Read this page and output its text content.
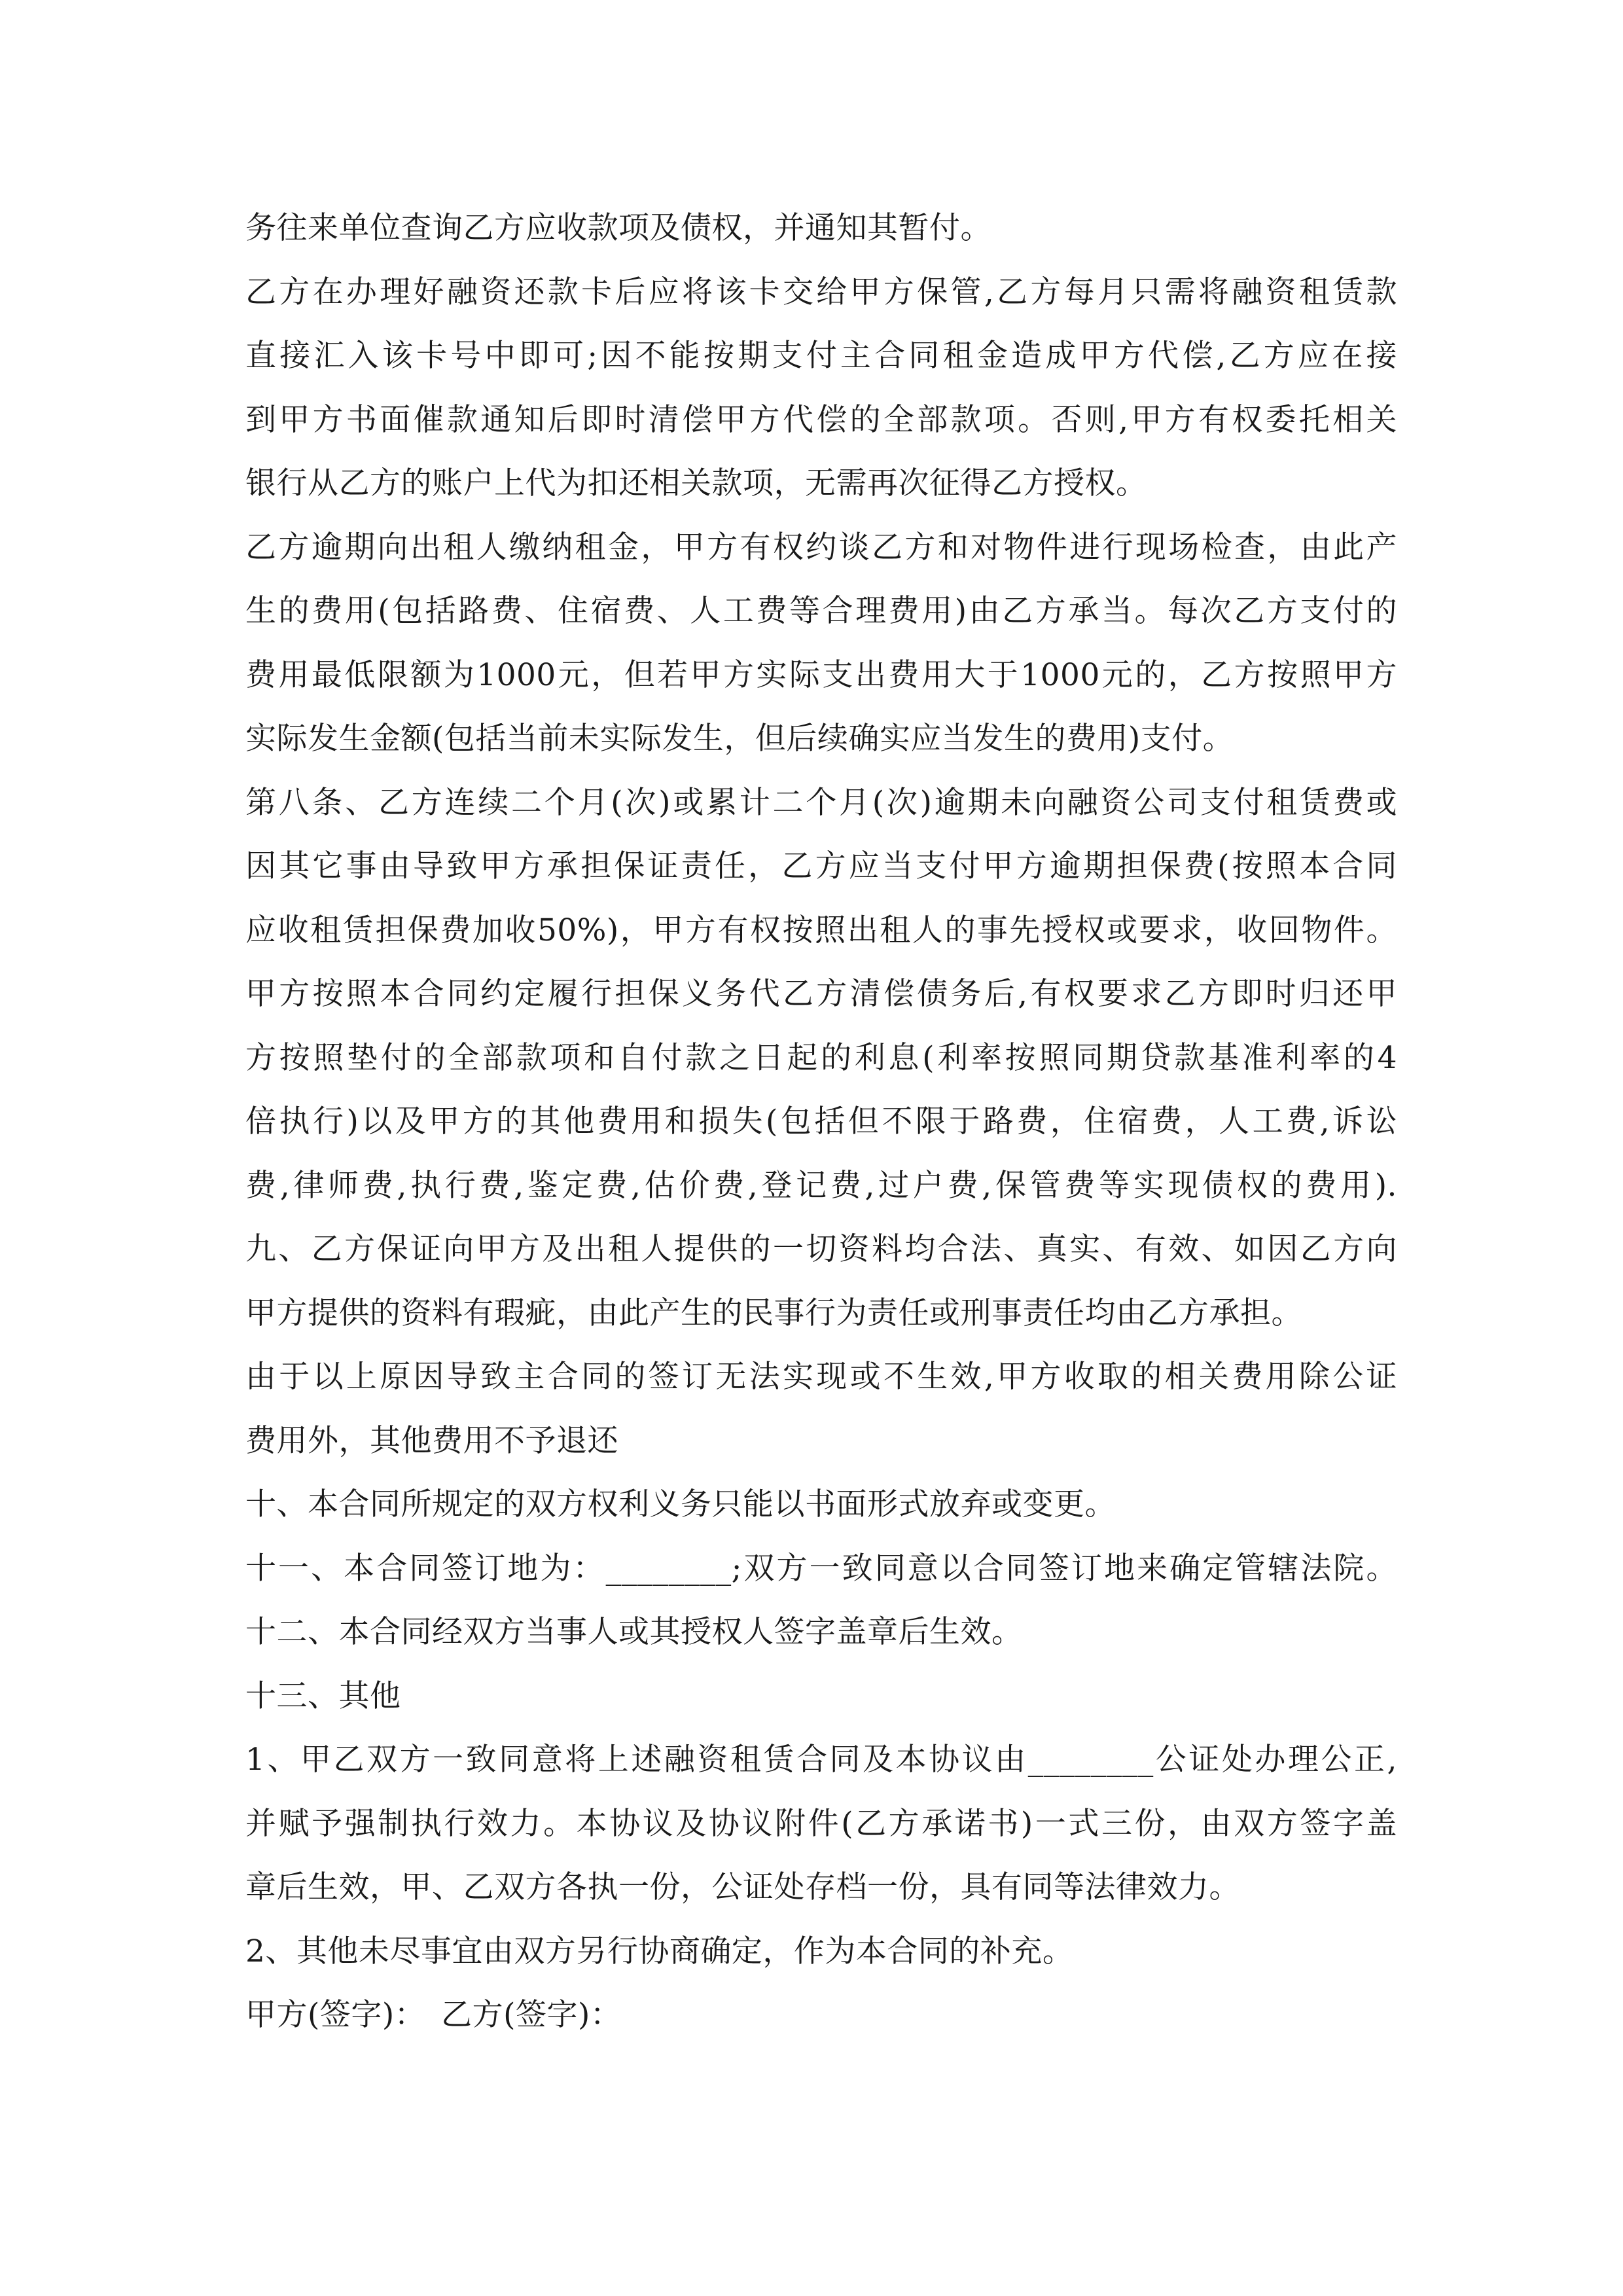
务往来单位查询乙方应收款项及债权，并通知其暂付。
乙方在办理好融资还款卡后应将该卡交给甲方保管,乙方每月只需将融资租赁款
直接汇入该卡号中即可;因不能按期支付主合同租金造成甲方代偿,乙方应在接
到甲方书面催款通知后即时清偿甲方代偿的全部款项。否则,甲方有权委托相关
银行从乙方的账户上代为扣还相关款项，无需再次征得乙方授权。
乙方逾期向出租人缴纳租金，甲方有权约谈乙方和对物件进行现场检查，由此产
生的费用(包括路费、住宿费、人工费等合理费用)由乙方承当。每次乙方支付的
费用最低限额为1000元，但若甲方实际支出费用大于1000元的，乙方按照甲方
实际发生金额(包括当前未实际发生，但后续确实应当发生的费用)支付。
第八条、乙方连续二个月(次)或累计二个月(次)逾期未向融资公司支付租赁费或
因其它事由导致甲方承担保证责任，乙方应当支付甲方逾期担保费(按照本合同
应收租赁担保费加收50%)，甲方有权按照出租人的事先授权或要求，收回物件。
甲方按照本合同约定履行担保义务代乙方清偿债务后,有权要求乙方即时归还甲
方按照垫付的全部款项和自付款之日起的利息(利率按照同期贷款基准利率的4
倍执行)以及甲方的其他费用和损失(包括但不限于路费，住宿费，人工费,诉讼
费,律师费,执行费,鉴定费,估价费,登记费,过户费,保管费等实现债权的费用).
九、乙方保证向甲方及出租人提供的一切资料均合法、真实、有效、如因乙方向
甲方提供的资料有瑕疵，由此产生的民事行为责任或刑事责任均由乙方承担。
由于以上原因导致主合同的签订无法实现或不生效,甲方收取的相关费用除公证
费用外，其他费用不予退还
十、本合同所规定的双方权利义务只能以书面形式放弃或变更。
十一、本合同签订地为：________;双方一致同意以合同签订地来确定管辖法院。
十二、本合同经双方当事人或其授权人签字盖章后生效。
十三、其他
1、甲乙双方一致同意将上述融资租赁合同及本协议由________公证处办理公正,
并赋予强制执行效力。本协议及协议附件(乙方承诺书)一式三份，由双方签字盖
章后生效，甲、乙双方各执一份，公证处存档一份，具有同等法律效力。
2、其他未尽事宜由双方另行协商确定，作为本合同的补充。
甲方(签字)：　乙方(签字)：
